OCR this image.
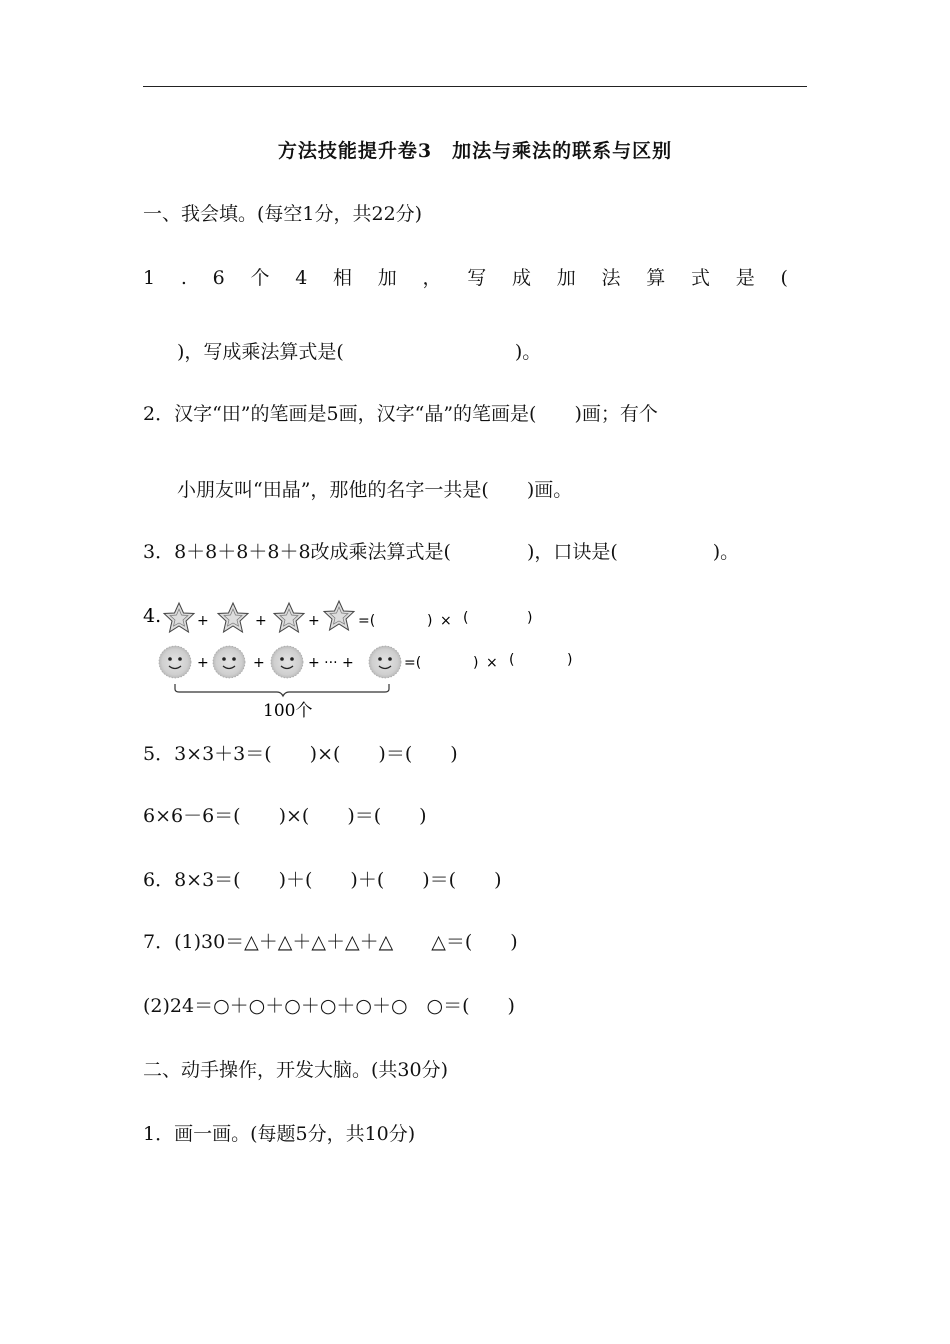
方法技能提升卷3　加法与乘法的联系与区别
一、我会填。(每空1分，共22分)
1 . 6 个 4 相 加 ， 写 成 加 法 算 式 是 (
)，写成乘法算式是(　　　　　　　　　)。
2．汉字“田”的笔画是5画，汉字“晶”的笔画是(　　)画；有个
小朋友叫“田晶”，那他的名字一共是(　　)画。
3．8＋8＋8＋8＋8改成乘法算式是(　　　　)，口诀是(　　　　　)。
4.	+	+	+	=(	) × (	)
+	+	+ ··· +	=(	) × (	)
100个
5．3×3＋3＝(　　)×(　　)＝(　　)
6×6－6＝(　　)×(　　)＝(　　)
6．8×3＝(　　)＋(　　)＋(　　)＝(　　)
7．(1)30＝△＋△＋△＋△＋△　　△＝(　　)
(2)24＝○＋○＋○＋○＋○＋○　○＝(　　)
二、动手操作，开发大脑。(共30分)
1．画一画。(每题5分，共10分)
